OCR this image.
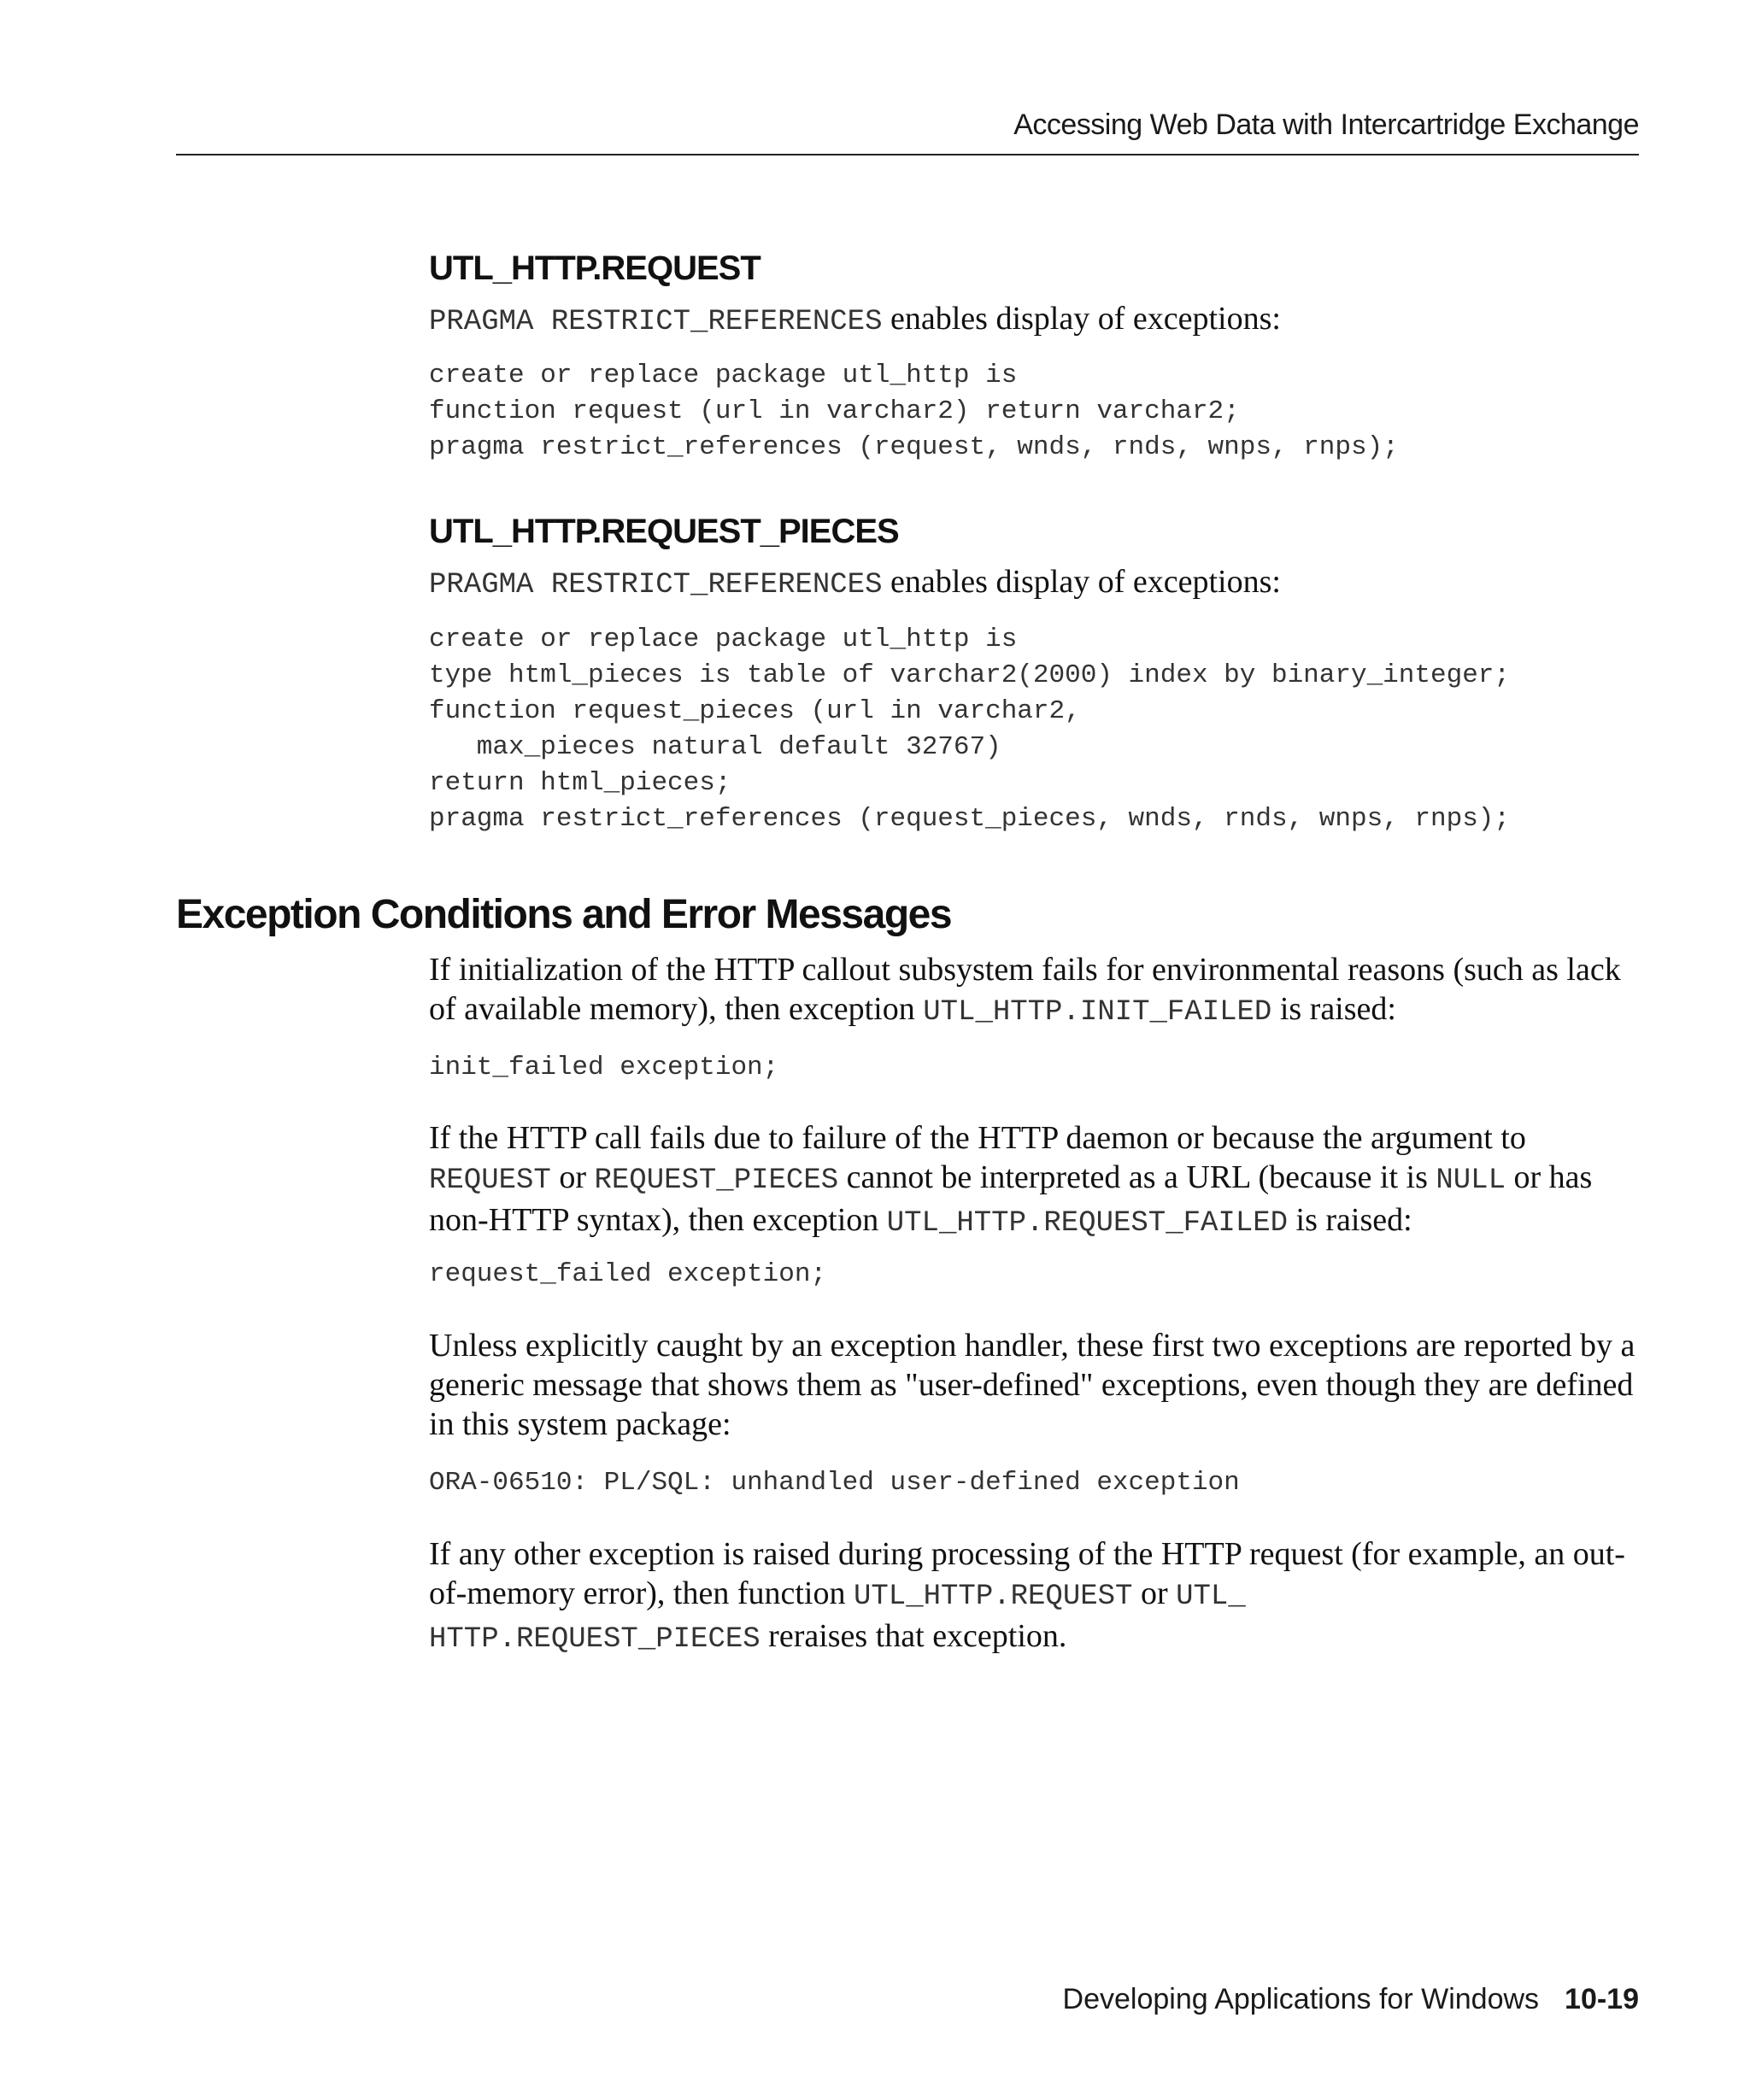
Accessing Web Data with Intercartridge Exchange
UTL_HTTP.REQUEST

PRAGMA RESTRICT_REFERENCES enables display of exceptions:

create or replace package utl_http is
function request (url in varchar2) return varchar2;
pragma restrict_references (request, wnds, rnds, wnps, rnps);
UTL_HTTP.REQUEST_PIECES

PRAGMA RESTRICT_REFERENCES enables display of exceptions:

create or replace package utl_http is
type html_pieces is table of varchar2(2000) index by binary_integer;
function request_pieces (url in varchar2,
max_pieces natural default 32767)
return html_pieces;
pragma restrict_references (request_pieces, wnds, rnds, wnps, rnps);
Exception Conditions and Error Messages

If initialization of the HTTP callout subsystem fails for environmental reasons (such as lack of available memory), then exception UTL_HTTP.INIT_FAILED is raised:

init_failed exception;

If the HTTP call fails due to failure of the HTTP daemon or because the argument to REQUEST or REQUEST_PIECES cannot be interpreted as a URL (because it is NULL or has non-HTTP syntax), then exception UTL_HTTP.REQUEST_FAILED is raised:

request_failed exception;

Unless explicitly caught by an exception handler, these first two exceptions are reported by a generic message that shows them as "user-defined" exceptions, even though they are defined in this system package:

ORA-06510: PL/SQL: unhandled user-defined exception

If any other exception is raised during processing of the HTTP request (for example, an out-of-memory error), then function UTL_HTTP.REQUEST or UTL_
HTTP.REQUEST_PIECES reraises that exception.

Developing Applications for Windows 10-19
